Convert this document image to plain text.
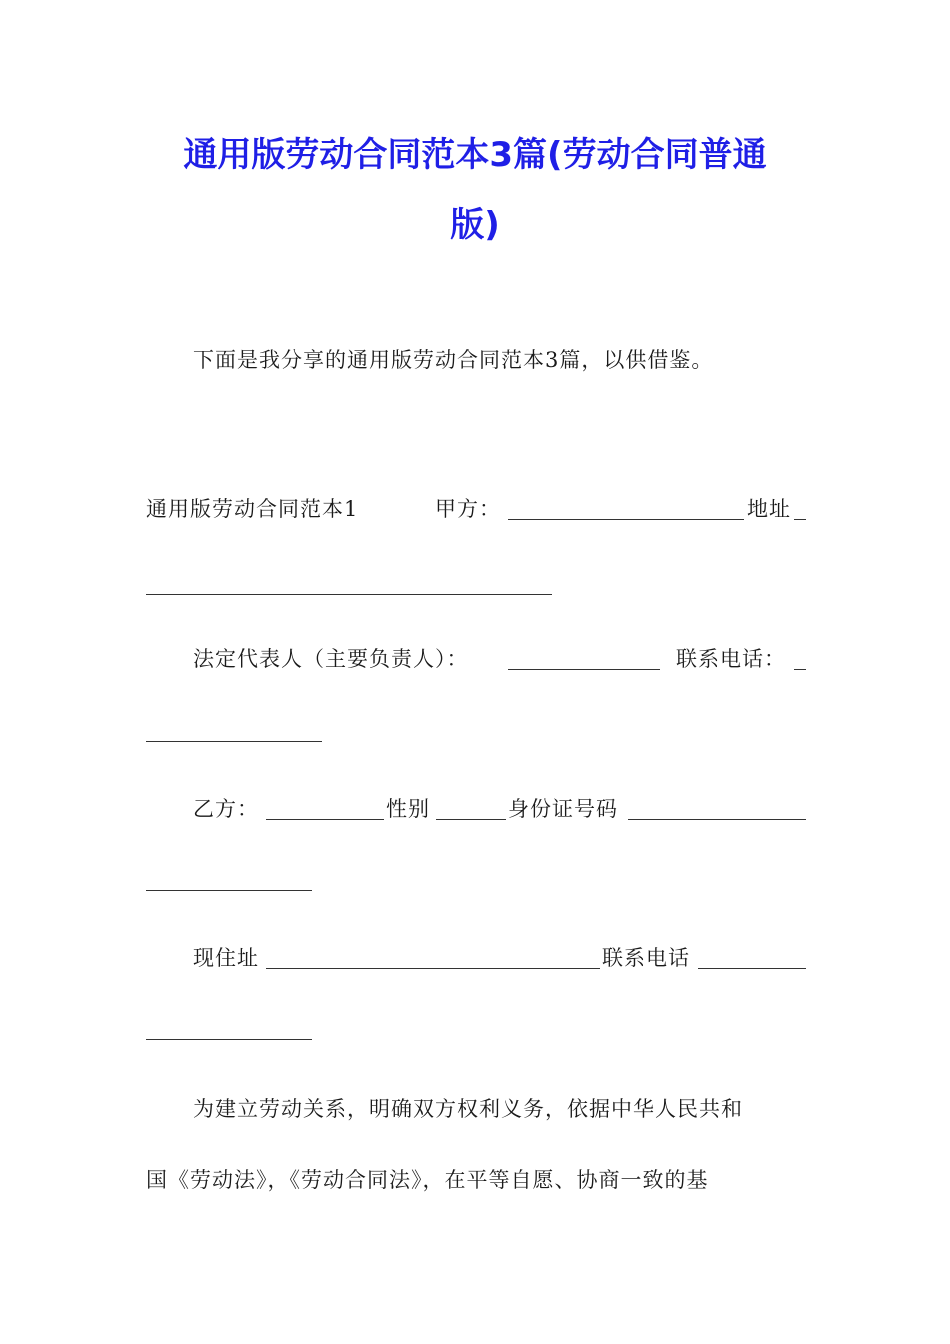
通用版劳动合同范本3篇(劳动合同普通
版)
下面是我分享的通用版劳动合同范本3篇，以供借鉴。
通用版劳动合同范本1	甲方：	地址
法定代表人（主要负责人）：	联系电话：
乙方：	性别	身份证号码
现住址	联系电话
为建立劳动关系，明确双方权利义务，依据中华人民共和
国《劳动法》，《劳动合同法》，在平等自愿、协商一致的基
